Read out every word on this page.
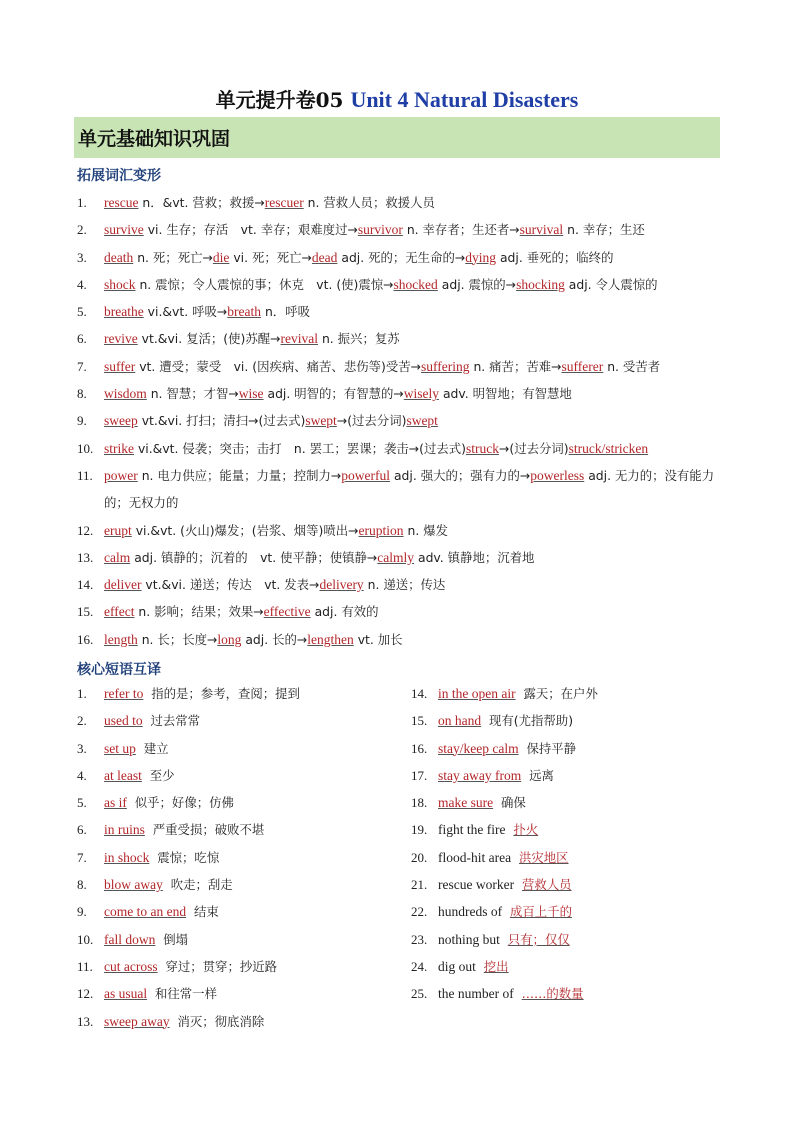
单元提升卷05 Unit 4 Natural Disasters
单元基础知识巩固
拓展词汇变形
1. rescue n．&vt. 营救；救援→rescuer n. 营救人员；救援人员
2. survive vi. 生存；存活　vt. 幸存；艰难度过→survivor n. 幸存者；生还者→survival n. 幸存；生还
3. death n. 死；死亡→die vi. 死；死亡→dead adj. 死的；无生命的→dying adj. 垂死的；临终的
4. shock n. 震惊；令人震惊的事；休克　vt. (使)震惊→shocked adj. 震惊的→shocking adj. 令人震惊的
5. breathe vi.&vt. 呼吸→breath n．呼吸
6. revive vt.&vi. 复活；(使)苏醒→revival n. 振兴；复苏
7. suffer vt. 遭受；蒙受　vi. (因疾病、痛苦、悲伤等)受苦→suffering n. 痛苦；苦难→sufferer n. 受苦者
8. wisdom n. 智慧；才智→wise adj. 明智的；有智慧的→wisely adv. 明智地；有智慧地
9. sweep vt.&vi. 打扫；清扫→(过去式)swept→(过去分词)swept
10. strike vi.&vt. 侵袭；突击；击打　n. 罢工；罢课；袭击→(过去式)struck→(过去分词)struck/stricken
11. power n. 电力供应；能量；力量；控制力→powerful adj. 强大的；强有力的→powerless adj. 无力的；没有能力的；无权力的
12. erupt vi.&vt. (火山)爆发；(岩浆、烟等)喷出→eruption n. 爆发
13. calm adj. 镇静的；沉着的　vt. 使平静；使镇静→calmly adv. 镇静地；沉着地
14. deliver vt.&vi. 递送；传达　vt. 发表→delivery n. 递送；传达
15. effect n. 影响；结果；效果→effective adj. 有效的
16. length n. 长；长度→long adj. 长的→lengthen vt. 加长
核心短语互译
1. refer to 指的是；参考，查阅；提到
2. used to 过去常常
3. set up 建立
4. at least 至少
5. as if 似乎；好像；仿佛
6. in ruins 严重受损；破败不堪
7. in shock 震惊；吃惊
8. blow away 吹走；刮走
9. come to an end 结束
10. fall down 倒塌
11. cut across 穿过；贯穿；抄近路
12. as usual 和往常一样
13. sweep away 消灭；彻底消除
14. in the open air 露天；在户外
15. on hand 现有(尤指帮助)
16. stay/keep calm 保持平静
17. stay away from 远离
18. make sure 确保
19. fight the fire 扑火
20. flood-hit area 洪灾地区
21. rescue worker 营救人员
22. hundreds of 成百上千的
23. nothing but 只有；仅仅
24. dig out 挖出
25. the number of ……的数量
